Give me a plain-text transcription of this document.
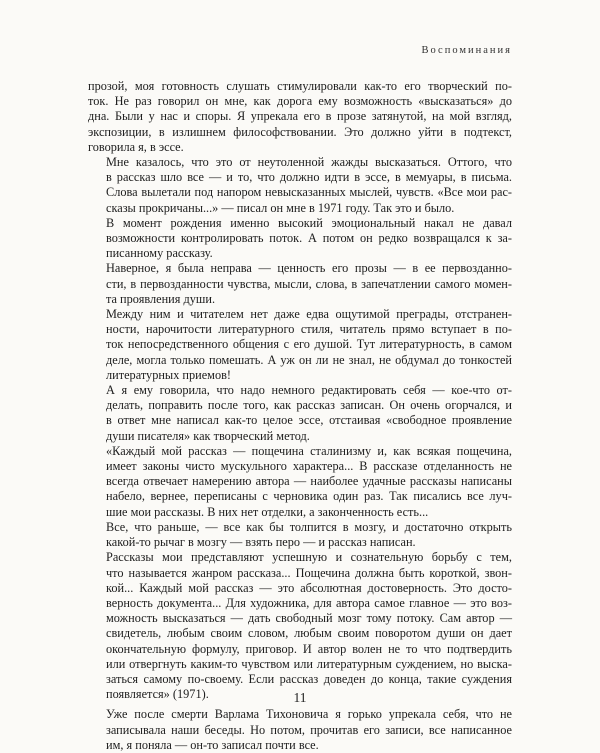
Воспоминания

прозой, моя готовность слушать стимулировали как-то его творческий по-
ток. Не раз говорил он мне, как дорога ему возможность «высказаться» до
дна. Были у нас и споры. Я упрекала его в прозе затянутой, на мой взгляд,
экспозиции, в излишнем философствовании. Это должно уйти в подтекст,
говорила я, в эссе.

Мне казалось, что это от неутоленной жажды высказаться. Оттого, что
в рассказ шло все — и то, что должно идти в эссе, в мемуары, в письма.
Слова вылетали под напором невысказанных мыслей, чувств. «Все мои рас-
сказы прокричаны...» — писал он мне в 1971 году. Так это и было.

В момент рождения именно высокий эмоциональный накал не давал
возможности контролировать поток. А потом он редко возвращался к за-
писанному рассказу.

Наверное, я была неправа — ценность его прозы — в ее первозданно-
сти, в первозданности чувства, мысли, слова, в запечатлении самого момен-
та проявления души.

Между ним и читателем нет даже едва ощутимой преграды, отстранен-
ности, нарочитости литературного стиля, читатель прямо вступает в по-
ток непосредственного общения с его душой. Тут литературность, в самом
деле, могла только помешать. А уж он ли не знал, не обдумал до тонкостей
литературных приемов!

А я ему говорила, что надо немного редактировать себя — кое-что от-
делать, поправить после того, как рассказ записан. Он очень огорчался, и
в ответ мне написал как-то целое эссе, отстаивая «свободное проявление
души писателя» как творческий метод.

«Каждый мой рассказ — пощечина сталинизму и, как всякая пощечина,
имеет законы чисто мускульного характера... В рассказе отделанность не
всегда отвечает намерению автора — наиболее удачные рассказы написаны
набело, вернее, переписаны с черновика один раз. Так писались все луч-
шие мои рассказы. В них нет отделки, а законченность есть...

Все, что раньше, — все как бы толпится в мозгу, и достаточно открыть
какой-то рычаг в мозгу — взять перо — и рассказ написан.

Рассказы мои представляют успешную и сознательную борьбу с тем,
что называется жанром рассказа... Пощечина должна быть короткой, звон-
кой... Каждый мой рассказ — это абсолютная достоверность. Это досто-
верность документа... Для художника, для автора самое главное — это воз-
можность высказаться — дать свободный мозг тому потоку. Сам автор —
свидетель, любым своим словом, любым своим поворотом души он дает
окончательную формулу, приговор. И автор волен не то что подтвердить
или отвергнуть каким-то чувством или литературным суждением, но выска-
заться самому по-своему. Если рассказ доведен до конца, такие суждения
появляется» (1971).

Уже после смерти Варлама Тихоновича я горько упрекала себя, что не
записывала наши беседы. Но потом, прочитав его записи, все написанное
им, я поняла — он-то записал почти все.

11
